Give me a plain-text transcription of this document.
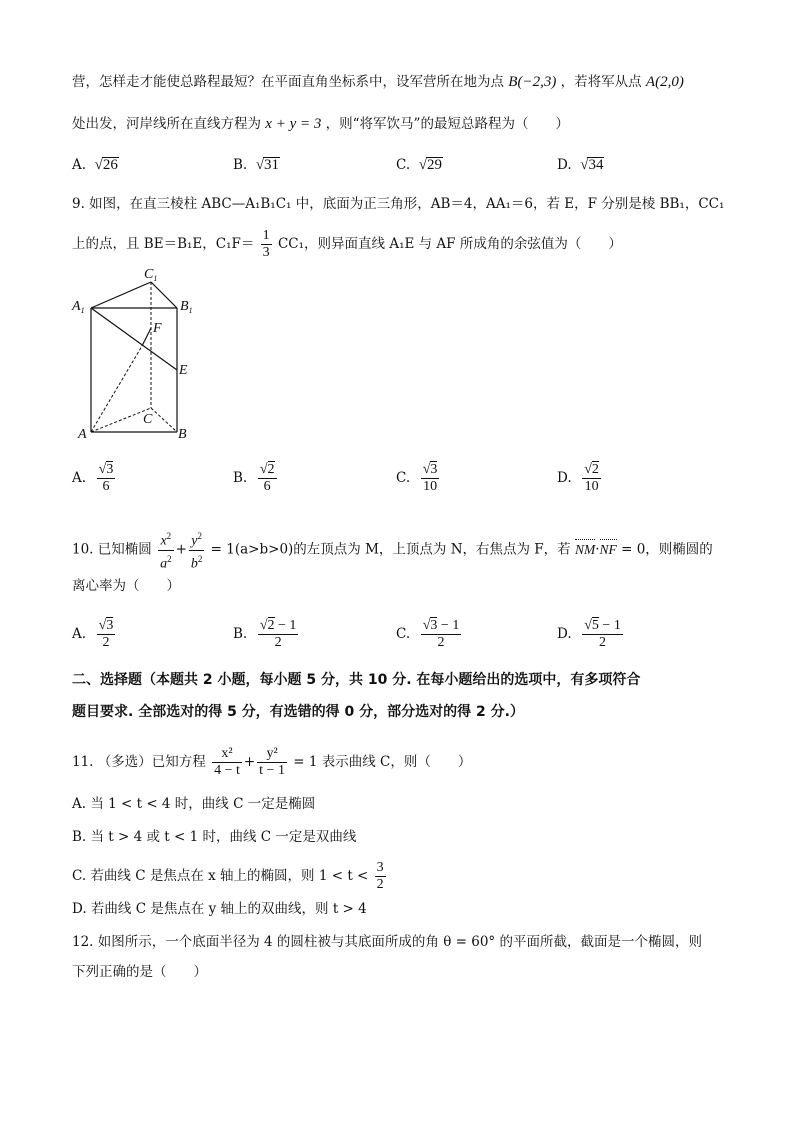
营，怎样走才能使总路程最短？在平面直角坐标系中，设军营所在地为点 B(−2,3) ，若将军从点 A(2,0)
处出发，河岸线所在直线方程为 x + y = 3 ，则“将军饮马”的最短总路程为（　　）
A. √26	B. √31	C. √29	D. √34
9. 如图，在直三棱柱 ABC—A₁B₁C₁ 中，底面为正三角形，AB＝4，AA₁＝6，若 E，F 分别是棱 BB₁，CC₁
上的点，且 BE＝B₁E，$C_1F= \frac{1}{3} CC_1$，则异面直线 A₁E 与 AF 所成角的余弦值为（　　）
$C_1$
$A_1$	$B_1$
F
E
C
A	B
A. $\frac{√3}{6}$	B. $\frac{√2}{6}$	C. $\frac{√3}{10}$	D. $\frac{√2}{10}$
10. 已知椭圆 $\frac{x^2}{a^2} + \frac{y^2}{b^2} = 1(a>b>0)$的左顶点为 M，上顶点为 N，右焦点为 F，若 NM·NF = 0，则椭圆的
离心率为（　　）
A. $\frac{√3}{2}$	B. $\frac{√2 - 1}{2}$	C. $\frac{√3 - 1}{2}$	D. $\frac{√5 - 1}{2}$
二、选择题（本题共 2 小题，每小题 5 分，共 10 分. 在每小题给出的选项中，有多项符合
题目要求. 全部选对的得 5 分，有选错的得 0 分，部分选对的得 2 分.）
11. （多选）已知方程 $\frac{\text{x²}}{4 - t} + \frac{\text{y²}}{t - 1} = 1$ 表示曲线 C，则（　　）
A. 当 1 < t < 4 时，曲线 C 一定是椭圆
B. 当 t > 4 或 t < 1 时，曲线 C 一定是双曲线
C. 若曲线 C 是焦点在 x 轴上的椭圆，则 $1 < t < \frac{3}{2}$
D. 若曲线 C 是焦点在 y 轴上的双曲线，则 t > 4
12. 如图所示，一个底面半径为 4 的圆柱被与其底面所成的角 θ = 60° 的平面所截，截面是一个椭圆，则
下列正确的是（　　）
